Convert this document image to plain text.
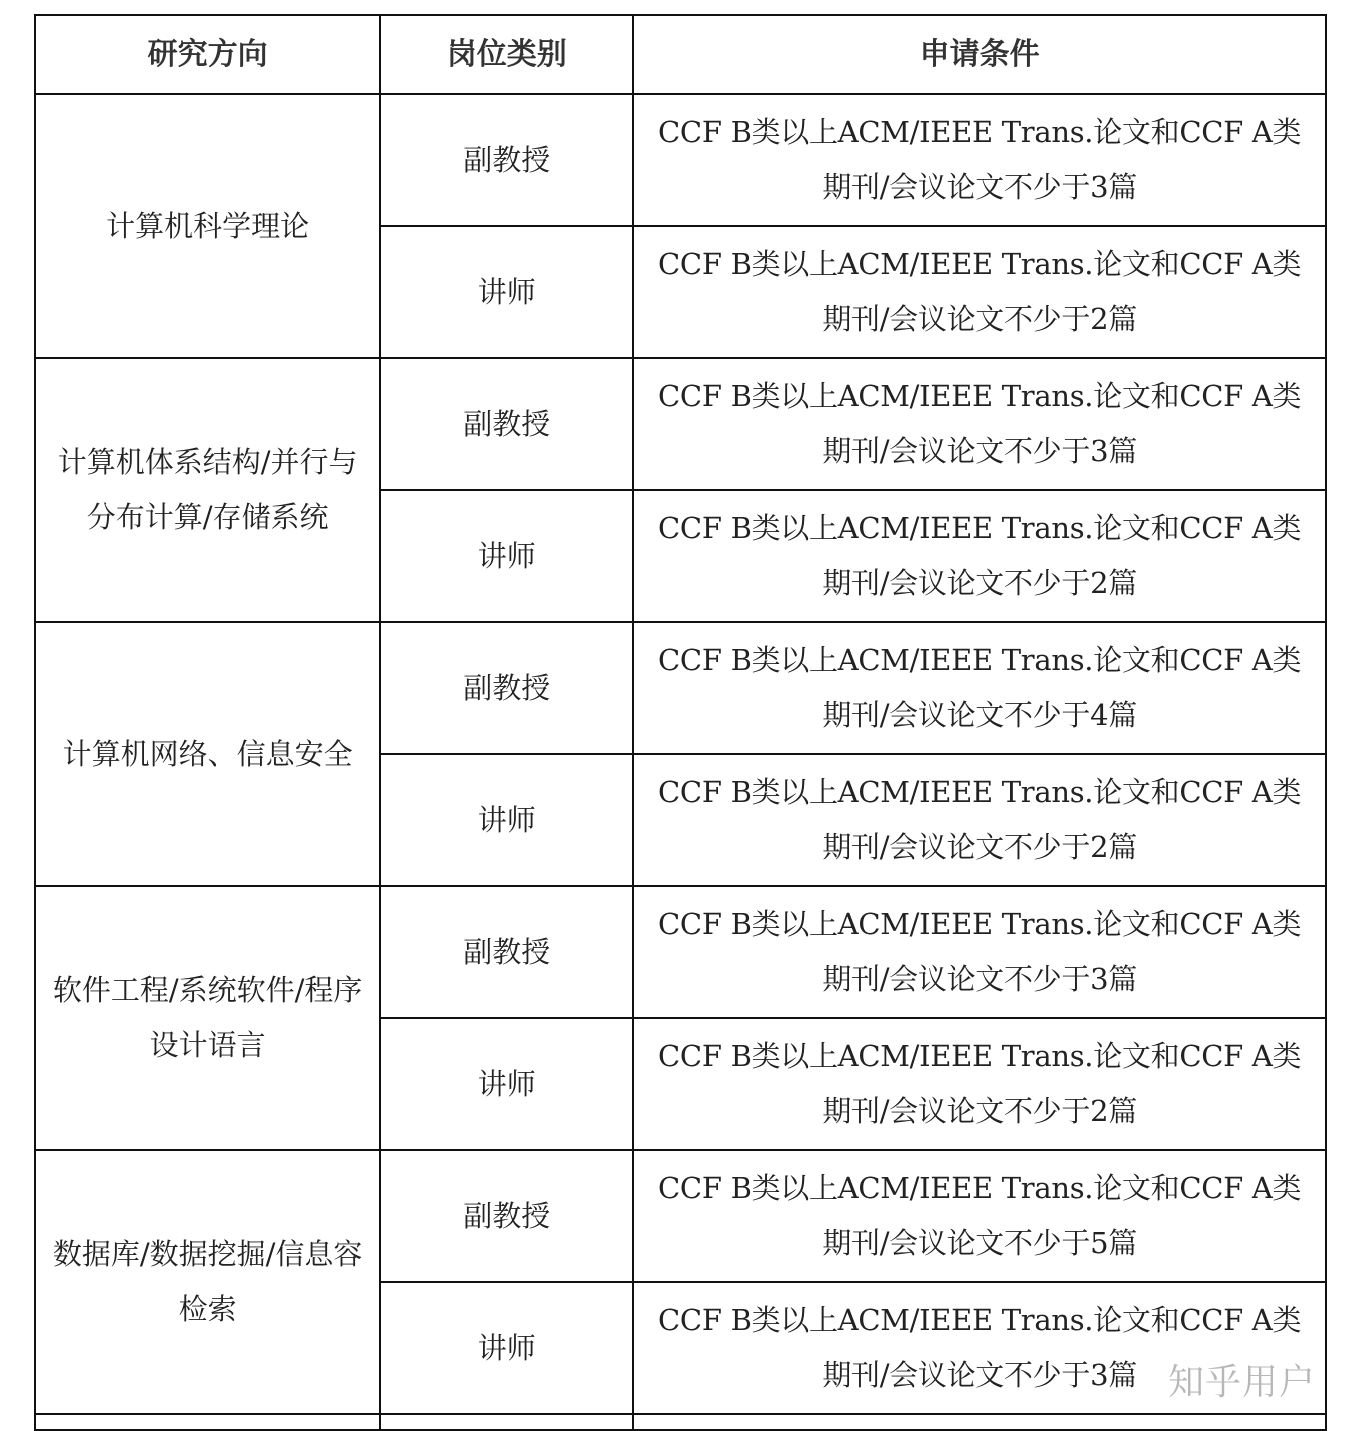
研究方向	岗位类别	申请条件
计算机科学理论	副教授	CCF B类以上ACM/IEEE Trans.论文和CCF A类期刊/会议论文不少于3篇
	讲师	CCF B类以上ACM/IEEE Trans.论文和CCF A类期刊/会议论文不少于2篇
计算机体系结构/并行与分布计算/存储系统	副教授	CCF B类以上ACM/IEEE Trans.论文和CCF A类期刊/会议论文不少于3篇
	讲师	CCF B类以上ACM/IEEE Trans.论文和CCF A类期刊/会议论文不少于2篇
计算机网络、信息安全	副教授	CCF B类以上ACM/IEEE Trans.论文和CCF A类期刊/会议论文不少于4篇
	讲师	CCF B类以上ACM/IEEE Trans.论文和CCF A类期刊/会议论文不少于2篇
软件工程/系统软件/程序设计语言	副教授	CCF B类以上ACM/IEEE Trans.论文和CCF A类期刊/会议论文不少于3篇
	讲师	CCF B类以上ACM/IEEE Trans.论文和CCF A类期刊/会议论文不少于2篇
数据库/数据挖掘/信息容检索	副教授	CCF B类以上ACM/IEEE Trans.论文和CCF A类期刊/会议论文不少于5篇
	讲师	CCF B类以上ACM/IEEE Trans.论文和CCF A类期刊/会议论文不少于3篇
		知乎用户
